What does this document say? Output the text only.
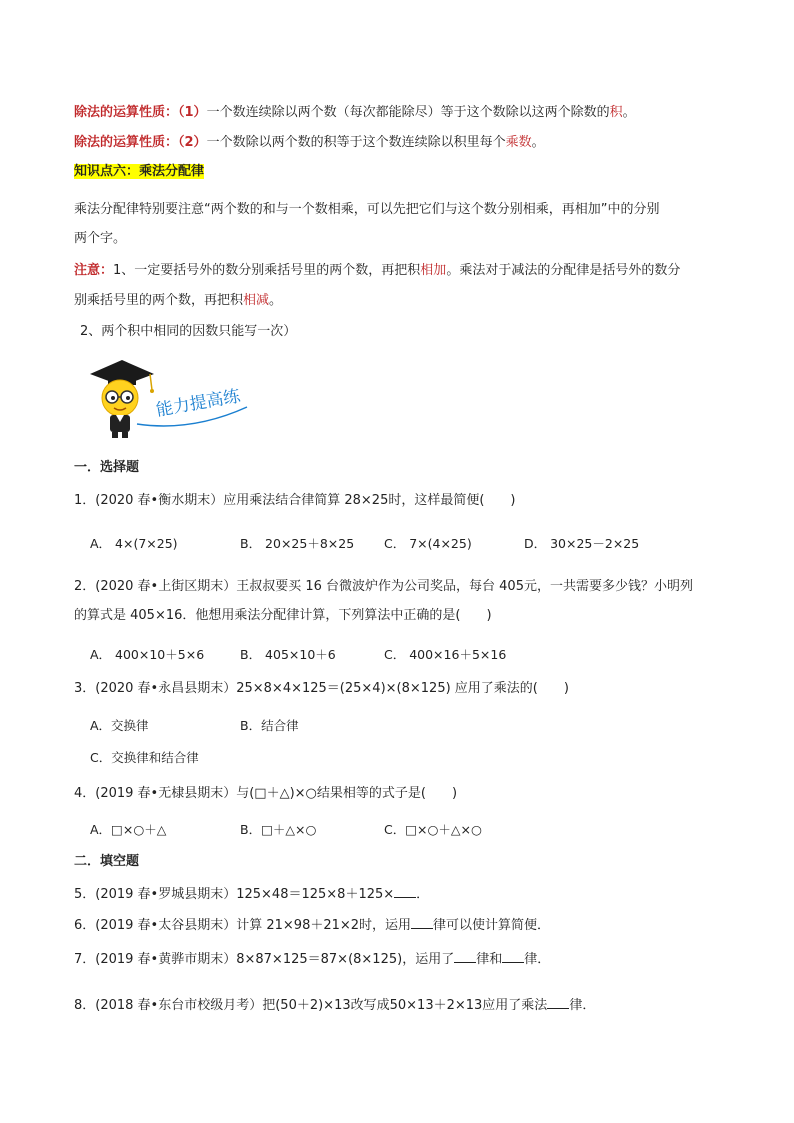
除法的运算性质：（1）一个数连续除以两个数（每次都能除尽）等于这个数除以这两个除数的积。
除法的运算性质：（2）一个数除以两个数的积等于这个数连续除以积里每个乘数。
知识点六：乘法分配律
乘法分配律特别要注意“两个数的和与一个数相乘，可以先把它们与这个数分别相乘，再相加”中的分别
两个字。
注意：1、一定要括号外的数分别乘括号里的两个数，再把积相加。乘法对于减法的分配律是括号外的数分
别乘括号里的两个数，再把积相减。
2、两个积中相同的因数只能写一次）
能力提高练
一．选择题
1．(2020 春•衡水期末）应用乘法结合律简算 28×25时，这样最简便(　　)
A． 4×(7×25)	B． 20×25＋8×25 C． 7×(4×25)	D． 30×25－2×25
2．(2020 春•上街区期末）王叔叔要买 16 台微波炉作为公司奖品，每台 405元，一共需要多少钱？小明列
的算式是 405×16．他想用乘法分配律计算，下列算法中正确的是(　　)
A． 400×10＋5×6	B． 405×10＋6	C． 400×16＋5×16
3．(2020 春•永昌县期末）25×8×4×125＝(25×4)×(8×125) 应用了乘法的(　　)
A．交换律	B．结合律
C．交换律和结合律
4．(2019 春•无棣县期末）与(□＋△)×○结果相等的式子是(　　)
A．□×○＋△	B．□＋△×○	C．□×○＋△×○
二．填空题
5．(2019 春•罗城县期末）125×48＝125×8＋125× ．
6．(2019 春•太谷县期末）计算 21×98＋21×2时，运用 律可以使计算简便．
7．(2019 春•黄骅市期末）8×87×125＝87×(8×125)，运用了 律和 律．
8．(2018 春•东台市校级月考）把(50＋2)×13改写成50×13＋2×13应用了乘法 律．
